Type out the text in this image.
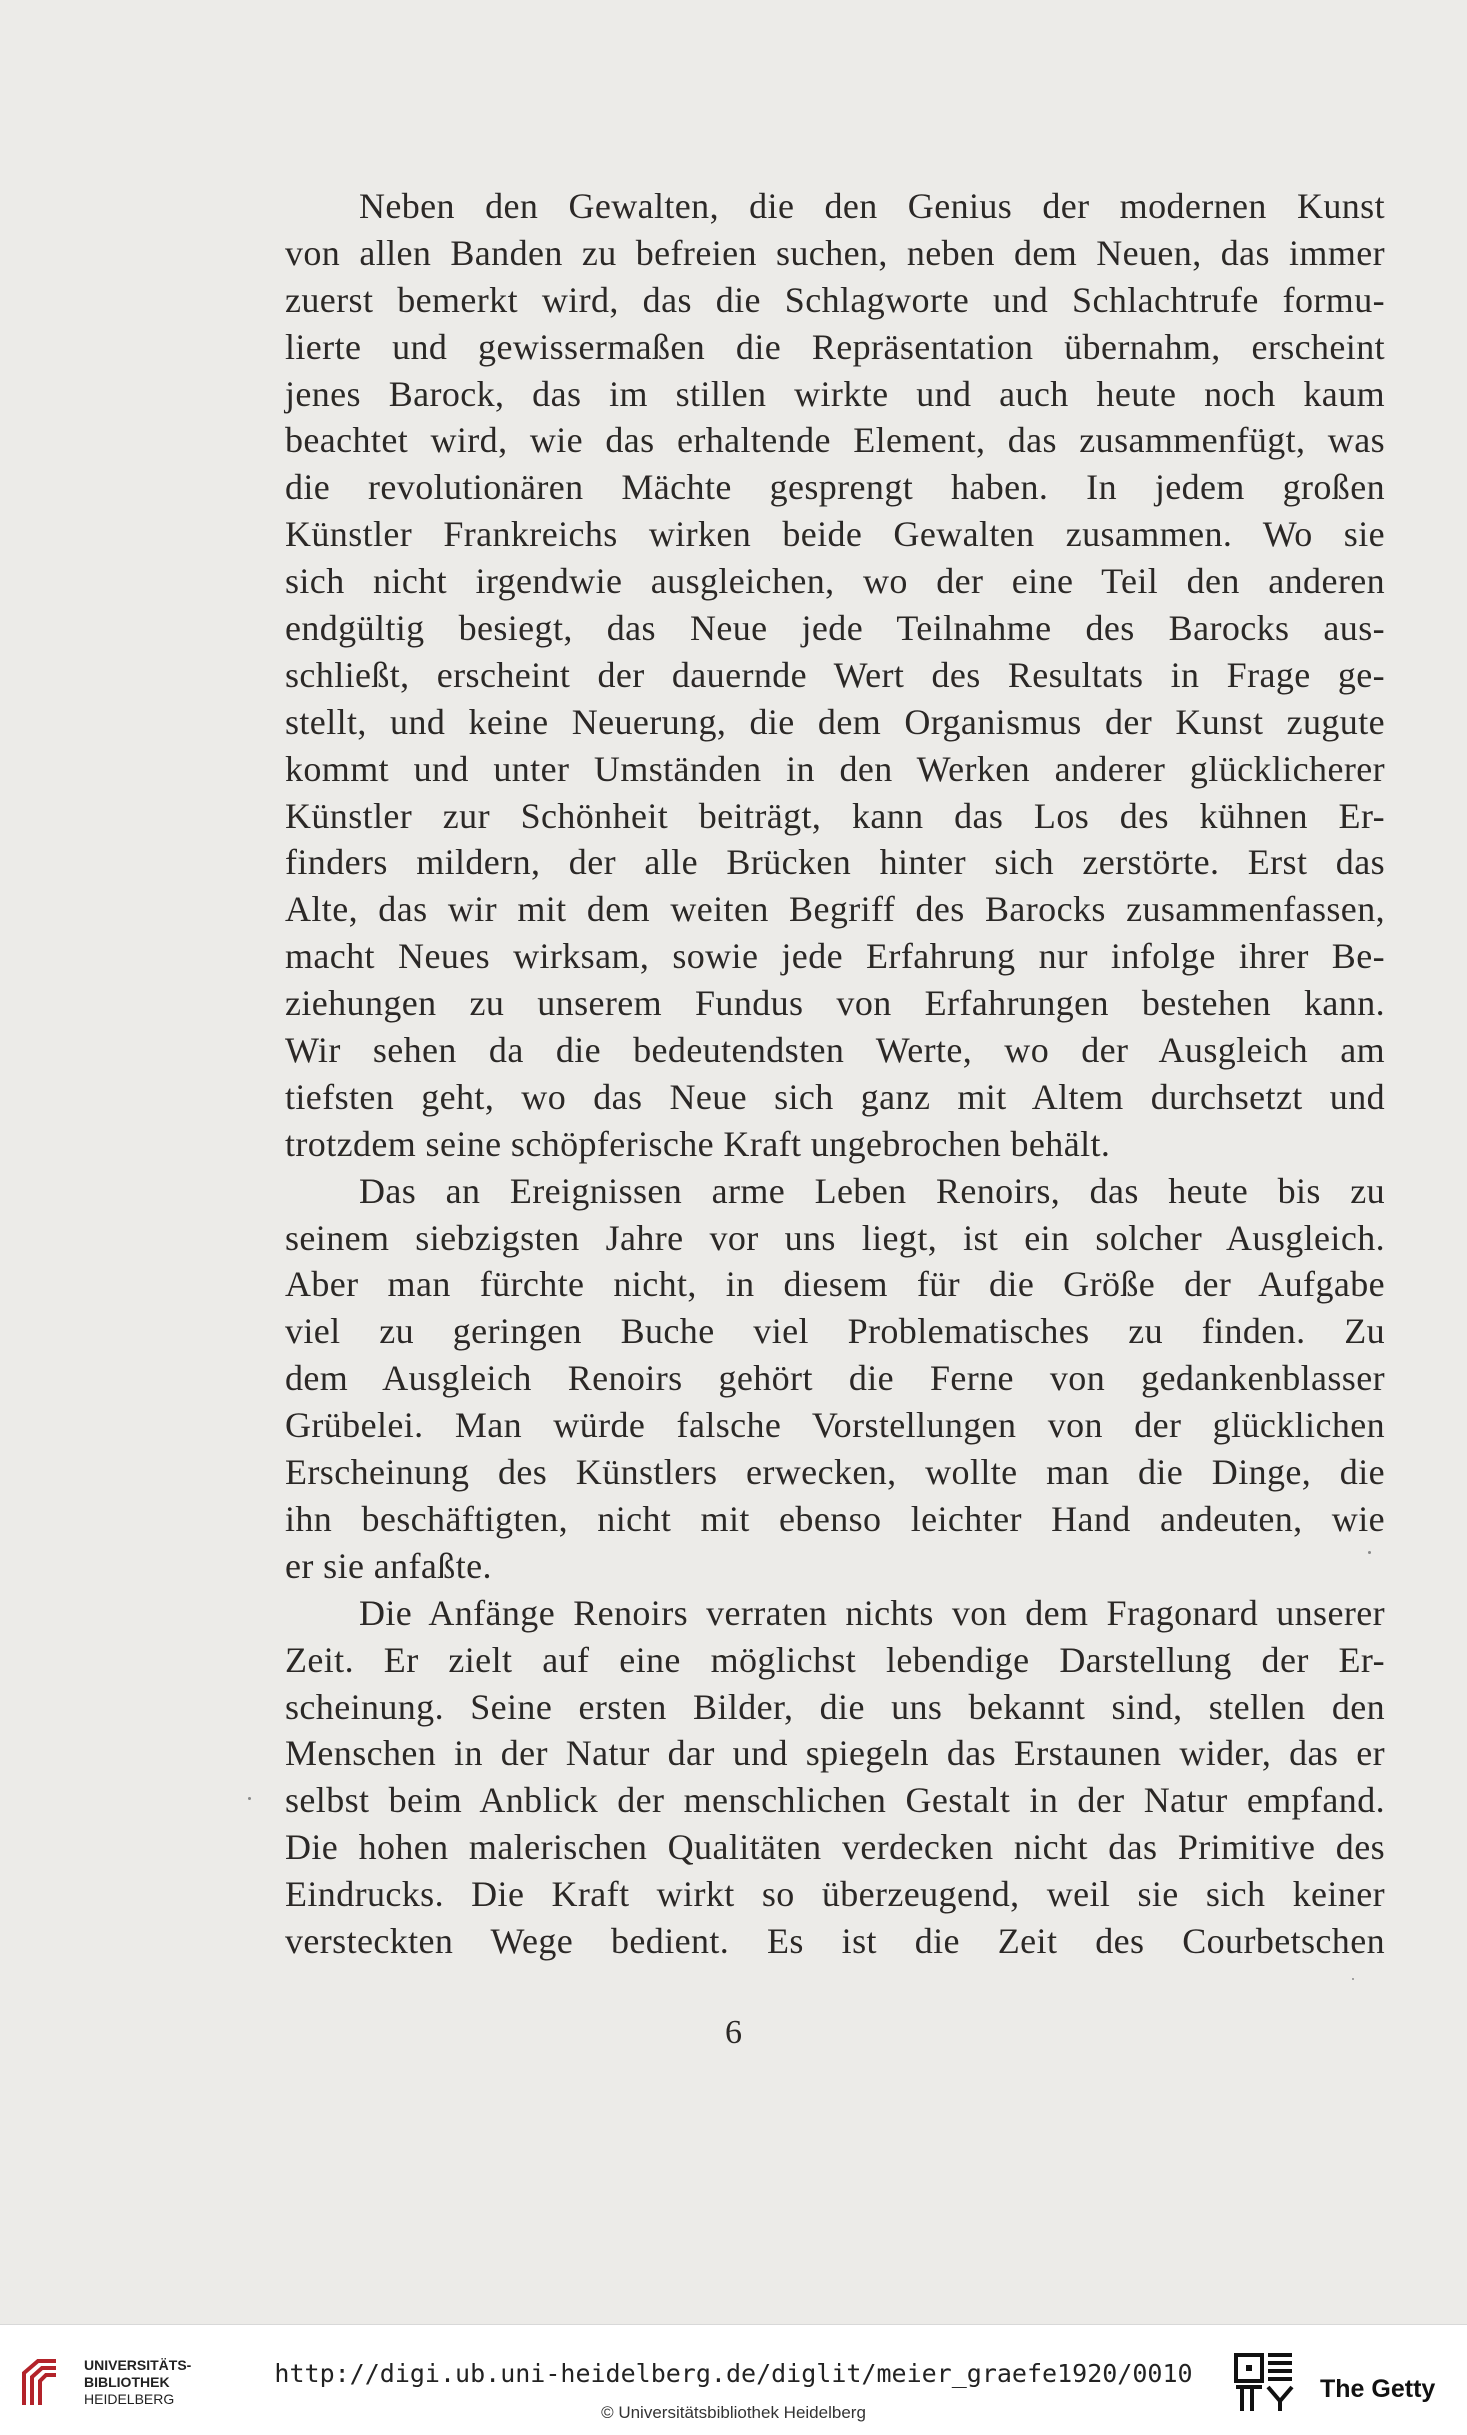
Neben den Gewalten, die den Genius der modernen Kunst
von allen Banden zu befreien suchen, neben dem Neuen, das immer
zuerst bemerkt wird, das die Schlagworte und Schlachtrufe formu-
lierte und gewissermaßen die Repräsentation übernahm, erscheint
jenes Barock, das im stillen wirkte und auch heute noch kaum
beachtet wird, wie das erhaltende Element, das zusammenfügt, was
die revolutionären Mächte gesprengt haben. In jedem großen
Künstler Frankreichs wirken beide Gewalten zusammen. Wo sie
sich nicht irgendwie ausgleichen, wo der eine Teil den anderen
endgültig besiegt, das Neue jede Teilnahme des Barocks aus-
schließt, erscheint der dauernde Wert des Resultats in Frage ge-
stellt, und keine Neuerung, die dem Organismus der Kunst zugute
kommt und unter Umständen in den Werken anderer glücklicherer
Künstler zur Schönheit beiträgt, kann das Los des kühnen Er-
finders mildern, der alle Brücken hinter sich zerstörte. Erst das
Alte, das wir mit dem weiten Begriff des Barocks zusammenfassen,
macht Neues wirksam, sowie jede Erfahrung nur infolge ihrer Be-
ziehungen zu unserem Fundus von Erfahrungen bestehen kann.
Wir sehen da die bedeutendsten Werte, wo der Ausgleich am
tiefsten geht, wo das Neue sich ganz mit Altem durchsetzt und
trotzdem seine schöpferische Kraft ungebrochen behält.
Das an Ereignissen arme Leben Renoirs, das heute bis zu
seinem siebzigsten Jahre vor uns liegt, ist ein solcher Ausgleich.
Aber man fürchte nicht, in diesem für die Größe der Aufgabe
viel zu geringen Buche viel Problematisches zu finden. Zu
dem Ausgleich Renoirs gehört die Ferne von gedankenblasser
Grübelei. Man würde falsche Vorstellungen von der glücklichen
Erscheinung des Künstlers erwecken, wollte man die Dinge, die
ihn beschäftigten, nicht mit ebenso leichter Hand andeuten, wie
er sie anfaßte.
Die Anfänge Renoirs verraten nichts von dem Fragonard unserer
Zeit. Er zielt auf eine möglichst lebendige Darstellung der Er-
scheinung. Seine ersten Bilder, die uns bekannt sind, stellen den
Menschen in der Natur dar und spiegeln das Erstaunen wider, das er
selbst beim Anblick der menschlichen Gestalt in der Natur empfand.
Die hohen malerischen Qualitäten verdecken nicht das Primitive des
Eindrucks. Die Kraft wirkt so überzeugend, weil sie sich keiner
versteckten Wege bedient. Es ist die Zeit des Courbetschen
6
UNIVERSITÄTS-
BIBLIOTHEK
HEIDELBERG
http://digi.ub.uni-heidelberg.de/diglit/meier_graefe1920/0010
© Universitätsbibliothek Heidelberg
The Getty
